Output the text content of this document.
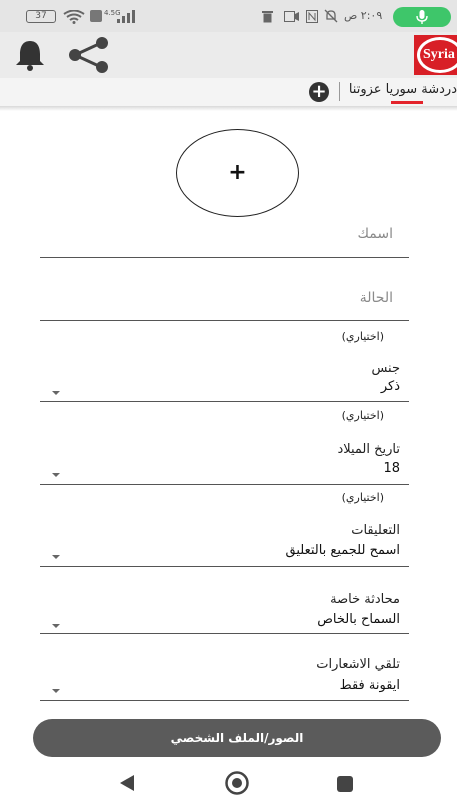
37	4.5G	٢:٠٩ ص
Syria
+ دردشة سوريا عزوتنا
+
اسمك
الحالة
(اختياري)
جنس
ذكر
(اختياري)
تاريخ الميلاد
18
(اختياري)
التعليقات
اسمح للجميع بالتعليق
محادثة خاصة
السماح بالخاص
تلقي الاشعارات
ايقونة فقط
الصور/الملف الشخصي
